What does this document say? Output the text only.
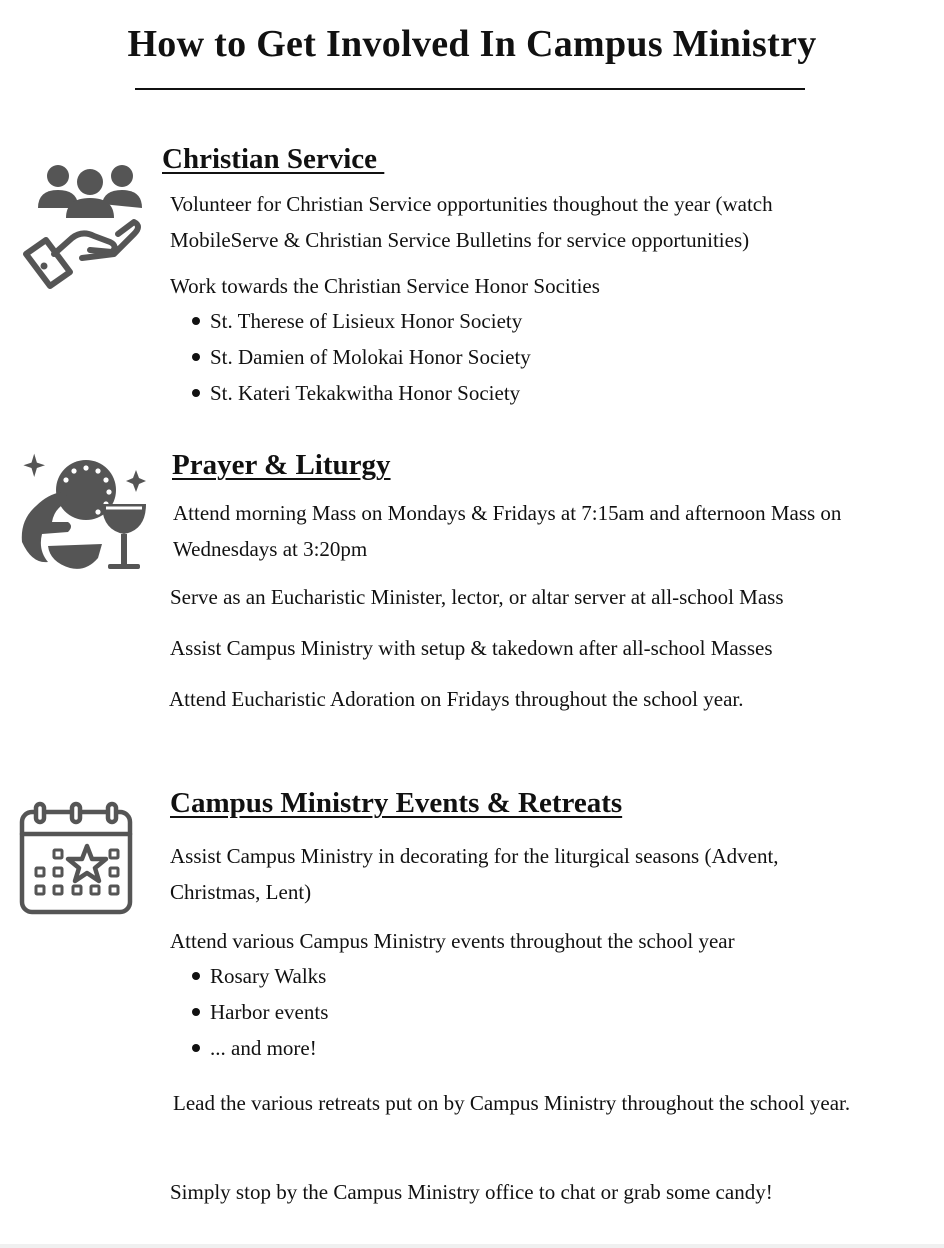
How to Get Involved In Campus Ministry
Christian Service

Volunteer for Christian Service opportunities thoughout the year (watch MobileServe & Christian Service Bulletins for service opportunities)

Work towards the Christian Service Honor Socities

St. Therese of Lisieux Honor Society
St. Damien of Molokai Honor Society
St. Kateri Tekakwitha Honor Society
Prayer & Liturgy

Attend morning Mass on Mondays & Fridays at 7:15am and afternoon Mass on Wednesdays at 3:20pm

Serve as an Eucharistic Minister, lector, or altar server at all-school Mass

Assist Campus Ministry with setup & takedown after all-school Masses

Attend Eucharistic Adoration on Fridays throughout the school year.

Campus Ministry Events & Retreats

Assist Campus Ministry in decorating for the liturgical seasons (Advent, Christmas, Lent)

Attend various Campus Ministry events throughout the school year

Rosary Walks
Harbor events
... and more!

Lead the various retreats put on by Campus Ministry throughout the school year.

Simply stop by the Campus Ministry office to chat or grab some candy!
